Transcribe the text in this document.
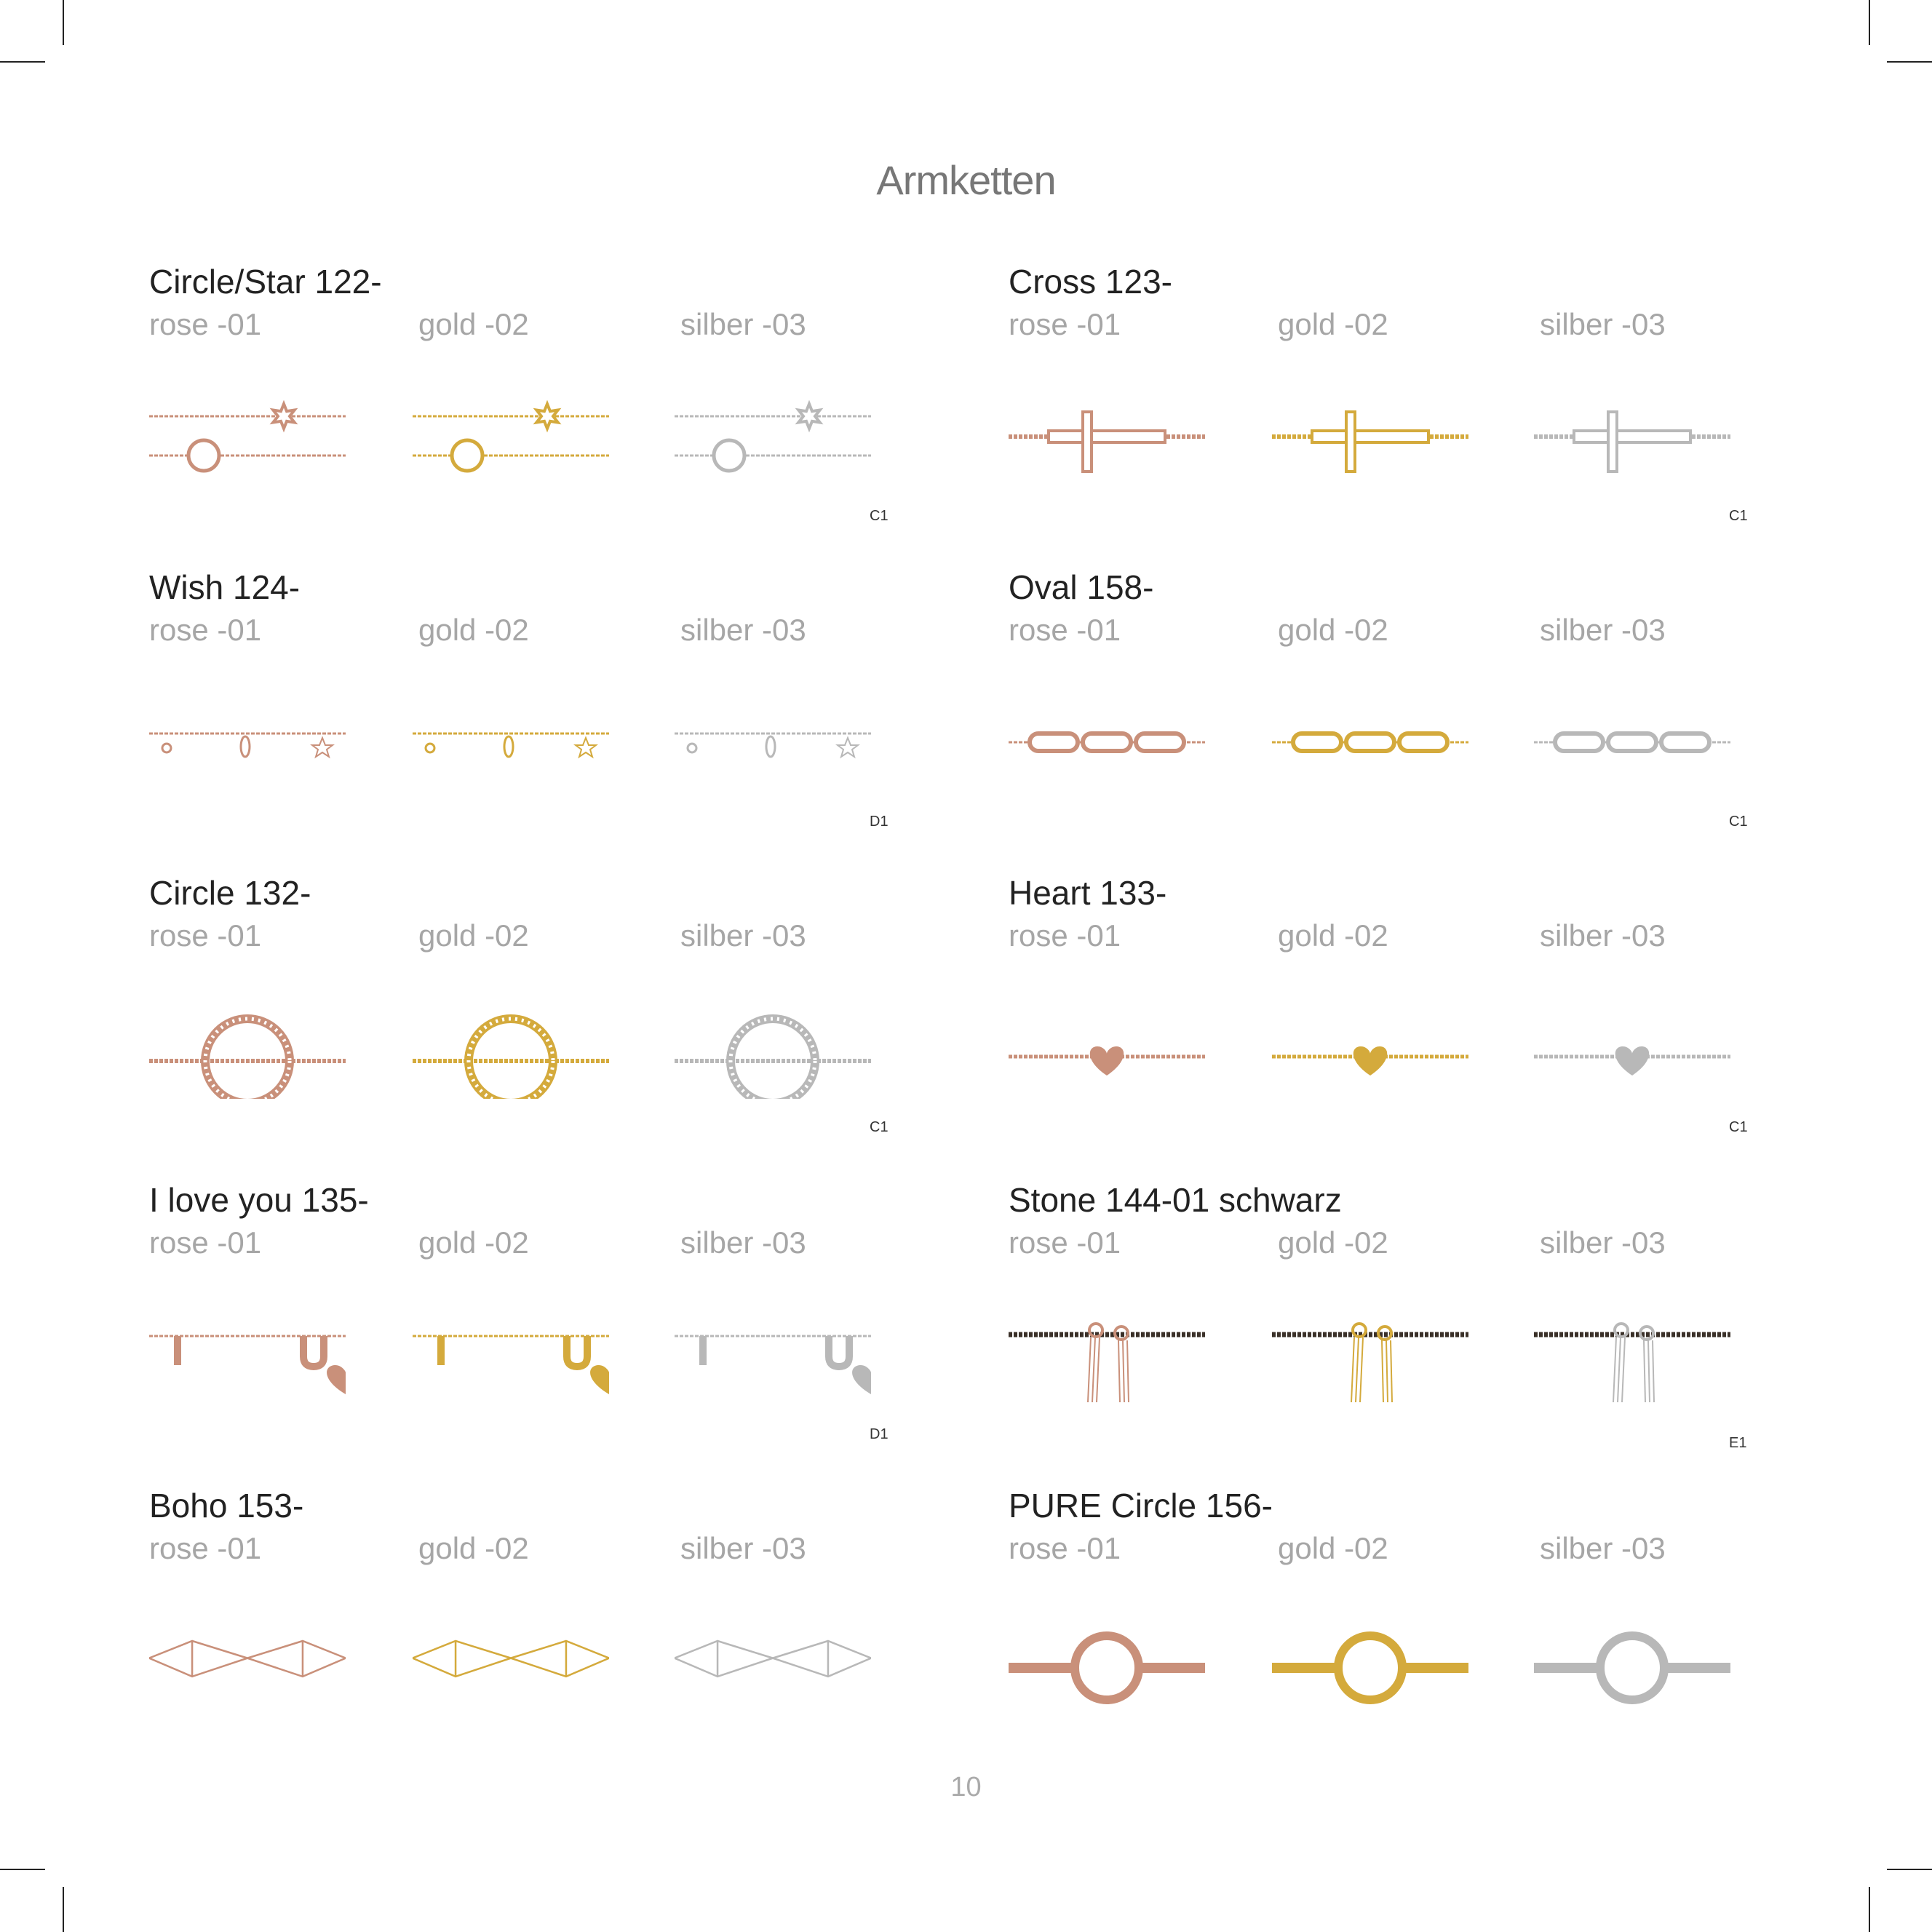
Armketten
Circle/Star 122-
rose -01	gold -02	silber -03
C1
Cross 123-
rose -01	gold -02	silber -03
C1
Wish 124-
rose -01	gold -02	silber -03
D1
Oval 158-
rose -01	gold -02	silber -03
C1
Circle 132-
rose -01	gold -02	silber -03
C1
Heart 133-
rose -01	gold -02	silber -03
C1
I love you 135-
rose -01	gold -02	silber -03
D1
Stone 144-01 schwarz
rose -01	gold -02	silber -03
E1
Boho 153-
rose -01	gold -02	silber -03
PURE Circle 156-
rose -01	gold -02	silber -03
10
